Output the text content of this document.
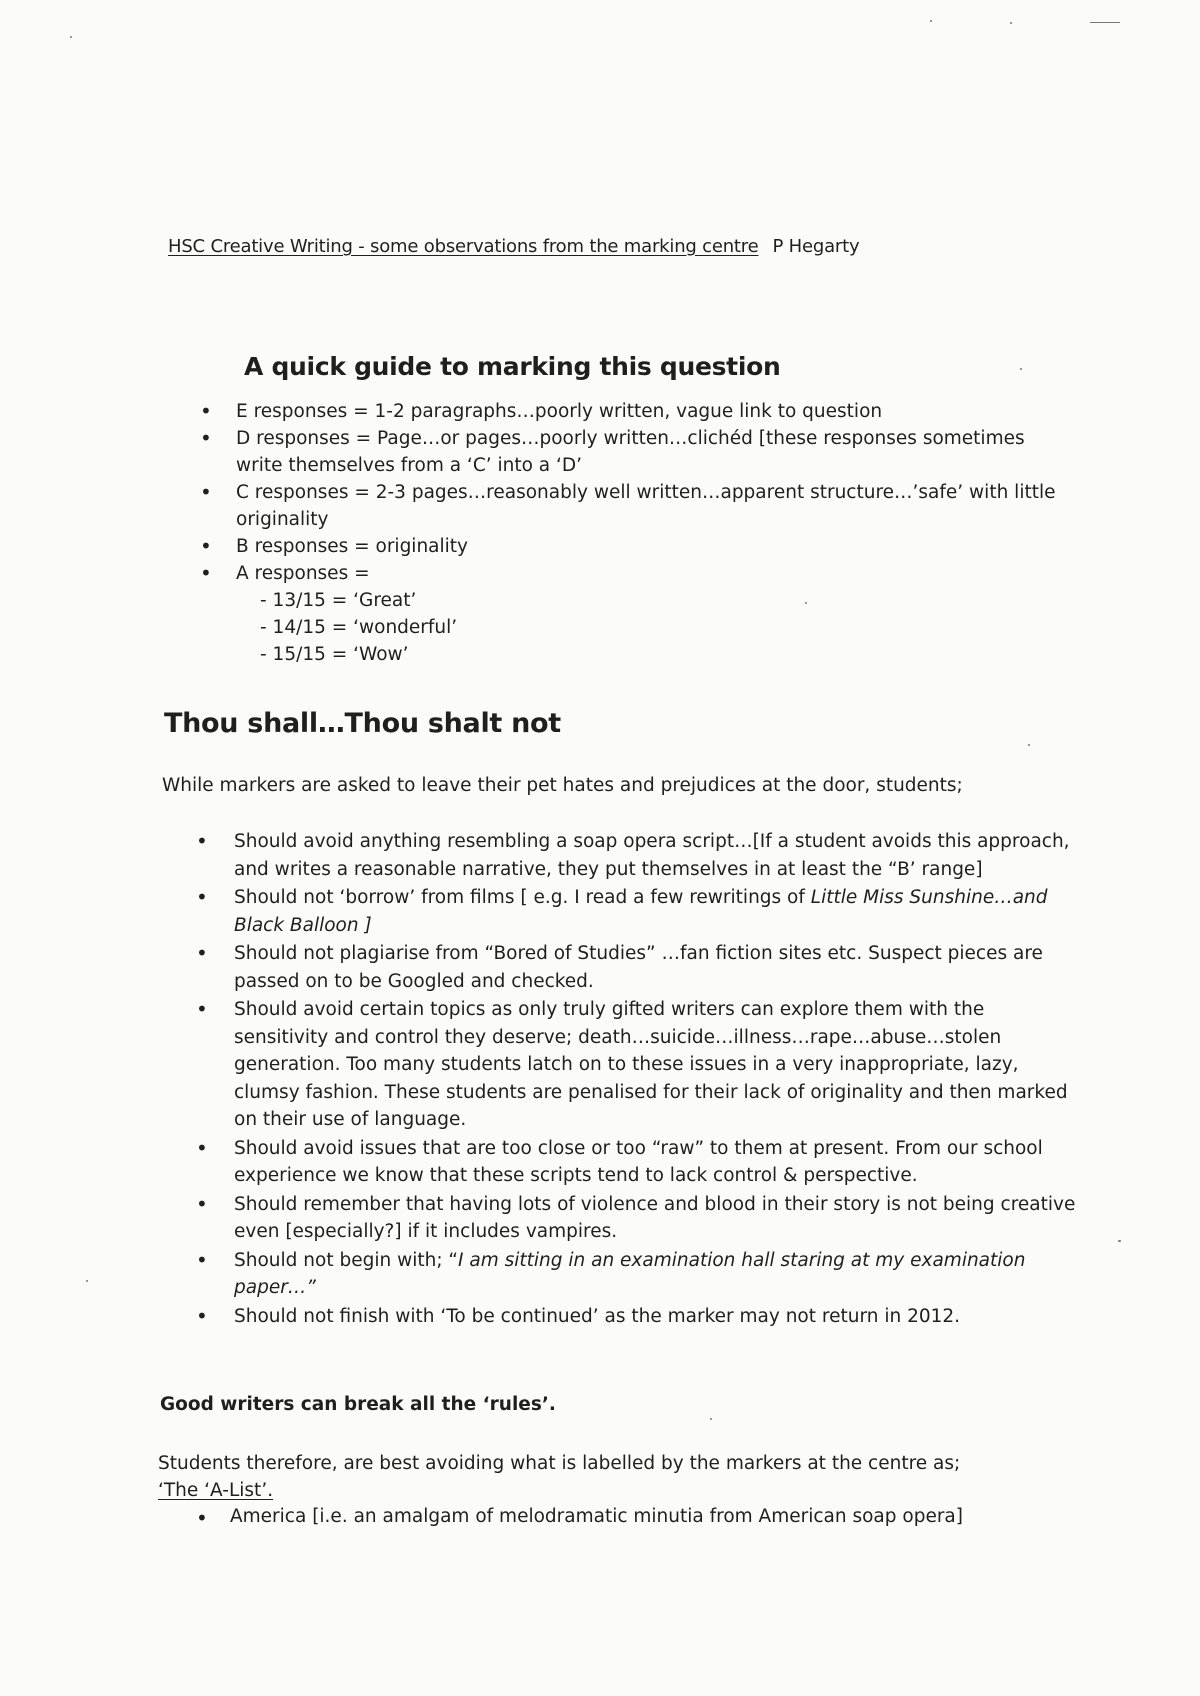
HSC Creative Writing - some observations from the marking centre P Hegarty
A quick guide to marking this question
• E responses = 1-2 paragraphs…poorly written, vague link to question
• D responses = Page…or pages…poorly written…clichéd [these responses sometimes write themselves from a ‘C’ into a ‘D’
• C responses = 2-3 pages…reasonably well written…apparent structure…’safe’ with little originality
• B responses = originality
• A responses =
- 13/15 = ‘Great’
- 14/15 = ‘wonderful’
- 15/15 = ‘Wow’
Thou shall…Thou shalt not
While markers are asked to leave their pet hates and prejudices at the door, students;
• Should avoid anything resembling a soap opera script…[If a student avoids this approach, and writes a reasonable narrative, they put themselves in at least the “B’ range]
• Should not ‘borrow’ from films [ e.g. I read a few rewritings of Little Miss Sunshine…and Black Balloon ]
• Should not plagiarise from “Bored of Studies” …fan fiction sites etc. Suspect pieces are passed on to be Googled and checked.
• Should avoid certain topics as only truly gifted writers can explore them with the sensitivity and control they deserve; death…suicide…illness…rape…abuse…stolen generation. Too many students latch on to these issues in a very inappropriate, lazy, clumsy fashion. These students are penalised for their lack of originality and then marked on their use of language.
• Should avoid issues that are too close or too “raw” to them at present. From our school experience we know that these scripts tend to lack control & perspective.
• Should remember that having lots of violence and blood in their story is not being creative even [especially?] if it includes vampires.
• Should not begin with; “I am sitting in an examination hall staring at my examination paper…”
• Should not finish with ‘To be continued’ as the marker may not return in 2012.
Good writers can break all the ‘rules’.
Students therefore, are best avoiding what is labelled by the markers at the centre as;
‘The ‘A-List’.
• America [i.e. an amalgam of melodramatic minutia from American soap opera]
